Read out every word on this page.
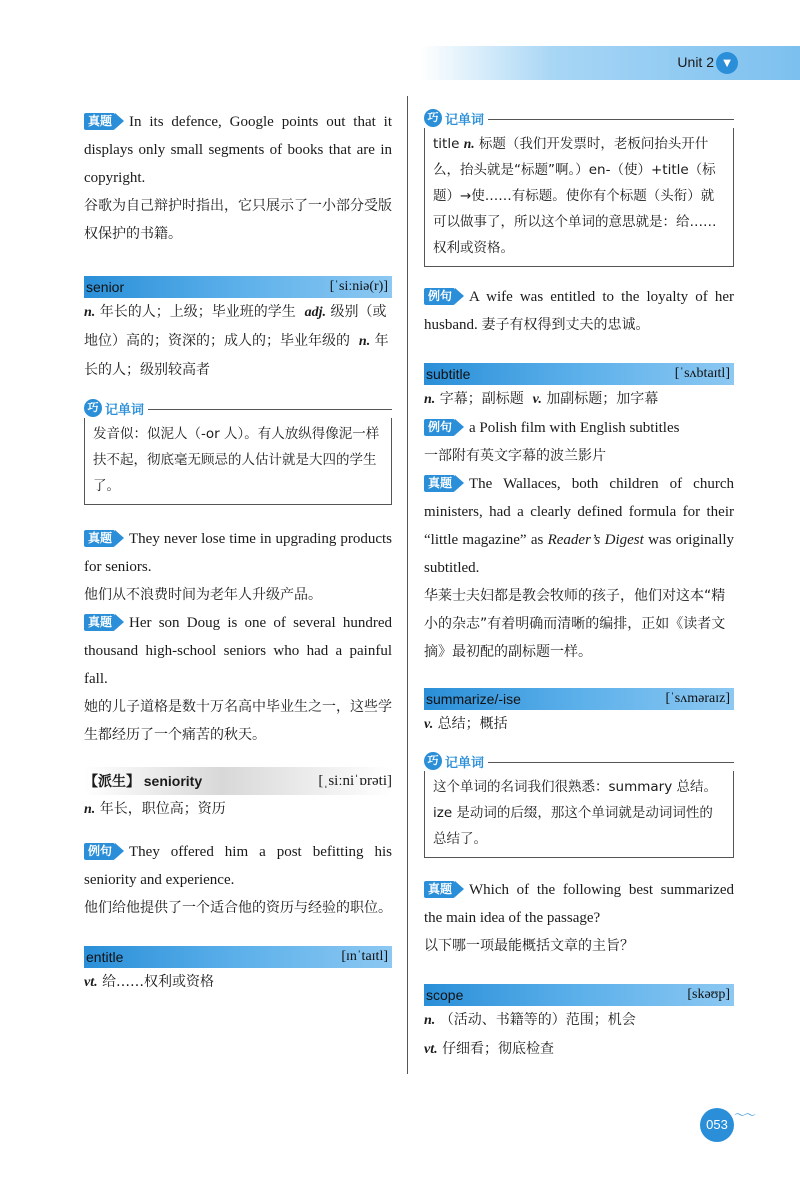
Unit 2 ▼

真题 In its defence, Google points out that it displays only small segments of books that are in copyright.

谷歌为自己辩护时指出，它只展示了一小部分受版权保护的书籍。

senior	[ˈsiːniə(r)]

n. 年长的人；上级；毕业班的学生 adj. 级别（或地位）高的；资深的；成人的；毕业年级的 n. 年长的人；级别较高者

巧 记单词
发音似：似泥人（-or 人）。有人放纵得像泥一样扶不起，彻底毫无顾忌的人估计就是大四的学生了。

真题 They never lose time in upgrading products for seniors.

他们从不浪费时间为老年人升级产品。

真题 Her son Doug is one of several hundred thousand high-school seniors who had a painful fall.

她的儿子道格是数十万名高中毕业生之一，这些学生都经历了一个痛苦的秋天。

【派生】 seniority	[ˌsiːniˈɒrəti]

n. 年长，职位高；资历

例句 They offered him a post befitting his seniority and experience.

他们给他提供了一个适合他的资历与经验的职位。

entitle	[ɪnˈtaɪtl]

vt. 给……权利或资格

巧 记单词
title n. 标题（我们开发票时，老板问抬头开什么，抬头就是“标题”啊。）en-（使）+title（标题）→使……有标题。使你有个标题（头衔）就可以做事了，所以这个单词的意思就是：给……权利或资格。

例句 A wife was entitled to the loyalty of her husband. 妻子有权得到丈夫的忠诚。

subtitle	[ˈsʌbtaɪtl]

n. 字幕；副标题 v. 加副标题；加字幕

例句 a Polish film with English subtitles

一部附有英文字幕的波兰影片

真题 The Wallaces, both children of church ministers, had a clearly defined formula for their “little magazine” as Reader’s Digest was originally subtitled.

华莱士夫妇都是教会牧师的孩子，他们对这本“精小的杂志”有着明确而清晰的编排，正如《读者文摘》最初配的副标题一样。

summarize/-ise	[ˈsʌməraɪz]

v. 总结；概括

巧 记单词
这个单词的名词我们很熟悉：summary 总结。ize 是动词的后缀，那这个单词就是动词词性的总结了。

真题 Which of the following best summarized the main idea of the passage?

以下哪一项最能概括文章的主旨？

scope	[skəʊp]

n. （活动、书籍等的）范围；机会

vt. 仔细看；彻底检查

053
～～
